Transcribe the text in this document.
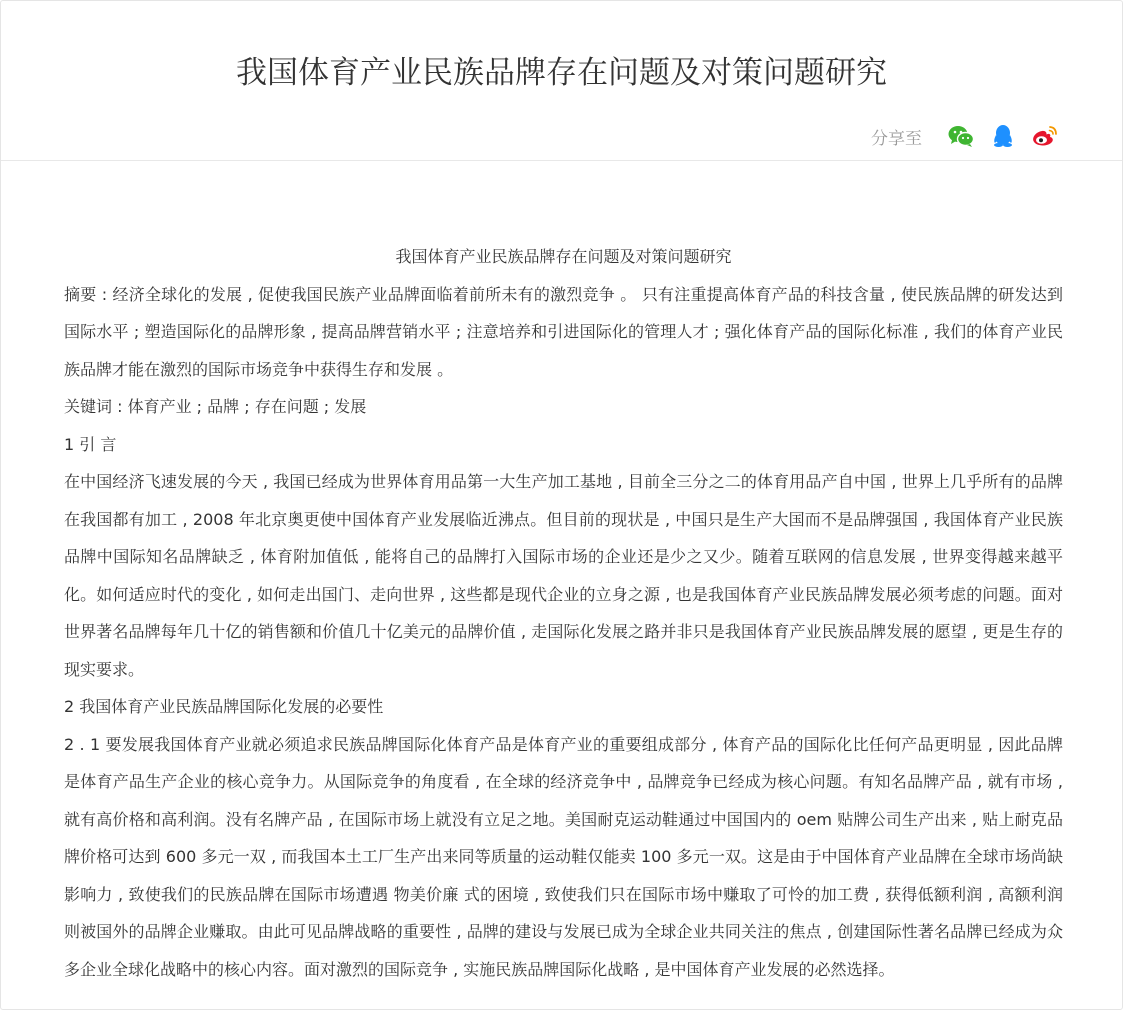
我国体育产业民族品牌存在问题及对策问题研究
分享至

我国体育产业民族品牌存在问题及对策问题研究

摘要 : 经济全球化的发展 , 促使我国民族产业品牌面临着前所未有的激烈竞争 。 只有注重提高体育产品的科技含量 , 使民族品牌的研发达到国际水平 ; 塑造国际化的品牌形象 , 提高品牌营销水平 ; 注意培养和引进国际化的管理人才 ; 强化体育产品的国际化标准 , 我们的体育产业民族品牌才能在激烈的国际市场竞争中获得生存和发展 。

关键词 : 体育产业 ; 品牌 ; 存在问题 ; 发展

1 引 言

在中国经济飞速发展的今天 , 我国已经成为世界体育用品第一大生产加工基地 , 目前全三分之二的体育用品产自中国 , 世界上几乎所有的品牌在我国都有加工 , 2008 年北京奥更使中国体育产业发展临近沸点。但目前的现状是 , 中国只是生产大国而不是品牌强国 , 我国体育产业民族品牌中国际知名品牌缺乏 , 体育附加值低 , 能将自己的品牌打入国际市场的企业还是少之又少。随着互联网的信息发展 , 世界变得越来越平化。如何适应时代的变化 , 如何走出国门、走向世界 , 这些都是现代企业的立身之源 , 也是我国体育产业民族品牌发展必须考虑的问题。面对世界著名品牌每年几十亿的销售额和价值几十亿美元的品牌价值 , 走国际化发展之路并非只是我国体育产业民族品牌发展的愿望 , 更是生存的现实要求。

2 我国体育产业民族品牌国际化发展的必要性

2 . 1 要发展我国体育产业就必须追求民族品牌国际化体育产品是体育产业的重要组成部分 , 体育产品的国际化比任何产品更明显 , 因此品牌是体育产品生产企业的核心竞争力。从国际竞争的角度看 , 在全球的经济竞争中 , 品牌竞争已经成为核心问题。有知名品牌产品 , 就有市场 , 就有高价格和高利润。没有名牌产品 , 在国际市场上就没有立足之地。美国耐克运动鞋通过中国国内的 oem 贴牌公司生产出来 , 贴上耐克品牌价格可达到 600 多元一双 , 而我国本土工厂生产出来同等质量的运动鞋仅能卖 100 多元一双。这是由于中国体育产业品牌在全球市场尚缺影响力 , 致使我们的民族品牌在国际市场遭遇 物美价廉 式的困境 , 致使我们只在国际市场中赚取了可怜的加工费 , 获得低额利润 , 高额利润则被国外的品牌企业赚取。由此可见品牌战略的重要性 , 品牌的建设与发展已成为全球企业共同关注的焦点 , 创建国际性著名品牌已经成为众多企业全球化战略中的核心内容。面对激烈的国际竞争 , 实施民族品牌国际化战略 , 是中国体育产业发展的必然选择。
